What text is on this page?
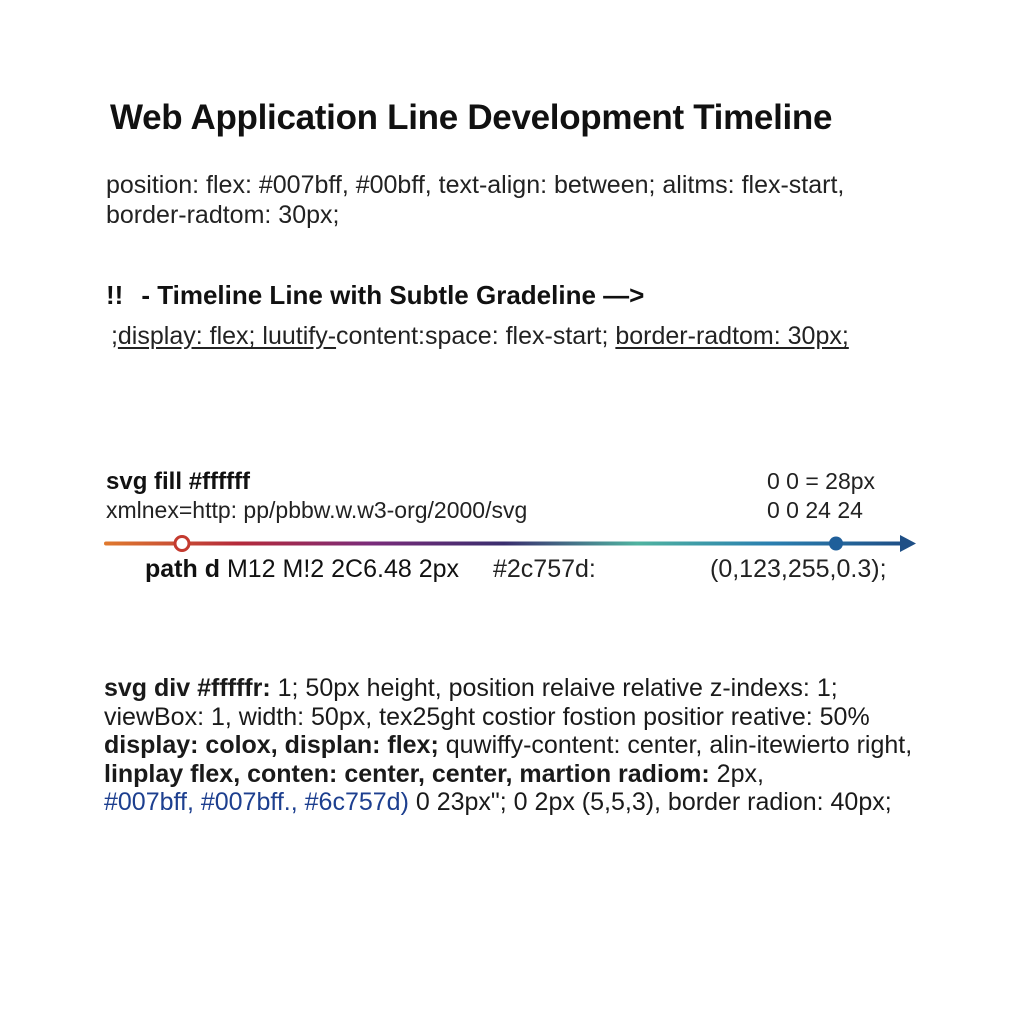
Web Application Line Development Timeline
position: flex: #007bff, #00bff, text-align: between; alitms: flex-start,
border-radtom: 30px;
!! - Timeline Line with Subtle Gradeline —>
;display: flex; luutify-content:space: flex-start; border-radtom: 30px;
svg fill #ffffff
xmlnex=http: pp/pbbw.w.w3-org/2000/svg
0 0 = 28px
0 0 24 24
path d M12 M!2 2C6.48 2px #2c757d:	(0,123,255,0.3);
svg div #fffffr: 1; 50px height, position relaive relative z-indexs: 1;
viewBox: 1, width: 50px, tex25ght costior fostion positior reative: 50%
display: colox, displan: flex; quwiffy-content: center, alin-itewierto right,
linplay flex, conten: center, center, martion radiom: 2px,
#007bff, #007bff., #6c757d) 0 23px"; 0 2px (5,5,3), border radion: 40px;
